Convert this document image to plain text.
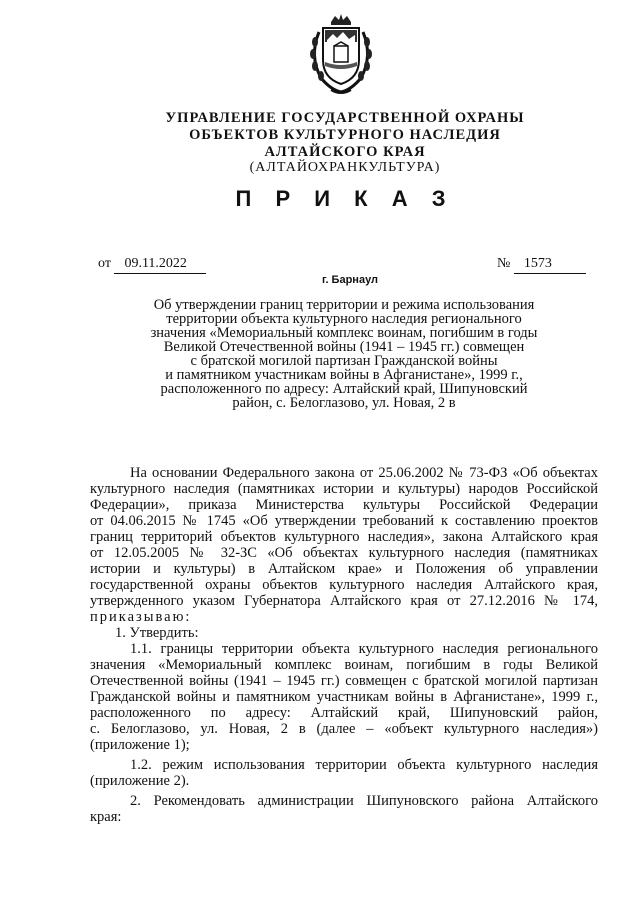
УПРАВЛЕНИЕ ГОСУДАРСТВЕННОЙ ОХРАНЫ
ОБЪЕКТОВ КУЛЬТУРНОГО НАСЛЕДИЯ
АЛТАЙСКОГО КРАЯ
(АЛТАЙОХРАНКУЛЬТУРА)
П Р И К А З
от 09.11.2022	№ 1573
г. Барнаул
Об утверждении границ территории и режима использования
территории объекта культурного наследия регионального
значения «Мемориальный комплекс воинам, погибшим в годы
Великой Отечественной войны (1941 – 1945 гг.) совмещен
с братской могилой партизан Гражданской войны
и памятником участникам войны в Афганистане», 1999 г.,
расположенного по адресу: Алтайский край, Шипуновский
район, с. Белоглазово, ул. Новая, 2 в
На основании Федерального закона от 25.06.2002 № 73-ФЗ «Об объектах
культурного наследия (памятниках истории и культуры) народов Российской
Федерации», приказа Министерства культуры Российской Федерации
от 04.06.2015 № 1745 «Об утверждении требований к составлению проектов
границ территорий объектов культурного наследия», закона Алтайского края
от 12.05.2005 № 32-ЗС «Об объектах культурного наследия (памятниках
истории и культуры) в Алтайском крае» и Положения об управлении
государственной охраны объектов культурного наследия Алтайского края,
утвержденного указом Губернатора Алтайского края от 27.12.2016 № 174,
приказываю:
1. Утвердить:
1.1. границы территории объекта культурного наследия регионального
значения «Мемориальный комплекс воинам, погибшим в годы Великой
Отечественной войны (1941 – 1945 гг.) совмещен с братской могилой партизан
Гражданской войны и памятником участникам войны в Афганистане», 1999 г.,
расположенного по адресу: Алтайский край, Шипуновский район,
с. Белоглазово, ул. Новая, 2 в (далее – «объект культурного наследия»)
(приложение 1);
1.2. режим использования территории объекта культурного наследия
(приложение 2).
2. Рекомендовать администрации Шипуновского района Алтайского
края:
